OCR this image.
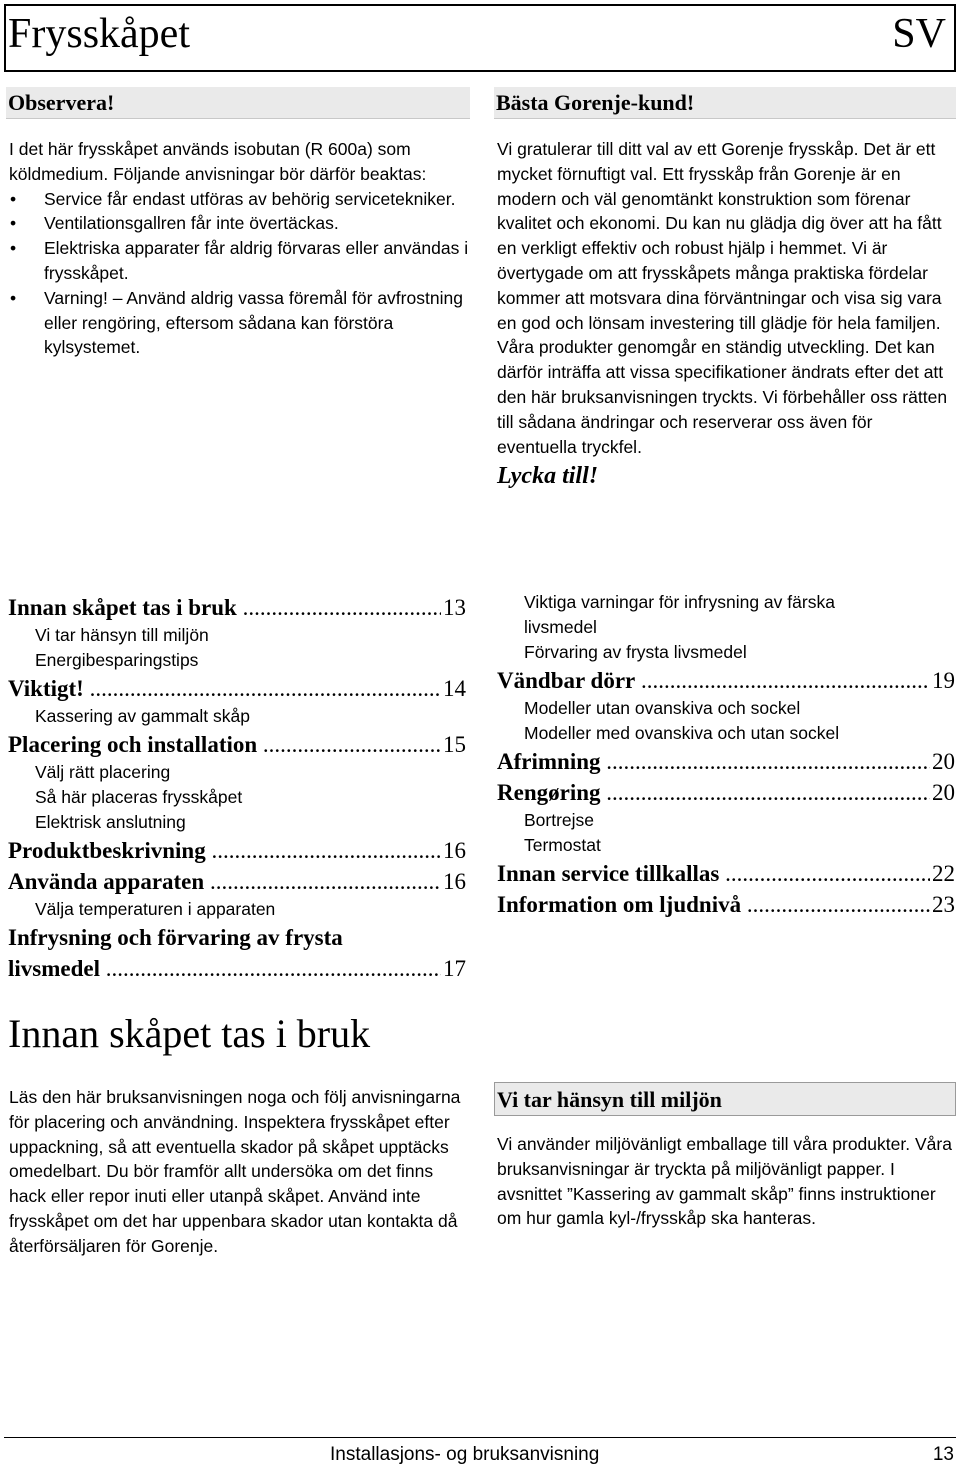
Frysskåpet	SV
Observera!
I det här frysskåpet används isobutan (R 600a) som köldmedium. Följande anvisningar bör därför beaktas:
• Service får endast utföras av behörig servicetekniker.
• Ventilationsgallren får inte övertäckas.
• Elektriska apparater får aldrig förvaras eller användas i frysskåpet.
• Varning! – Använd aldrig vassa föremål för avfrostning eller rengöring, eftersom sådana kan förstöra kylsystemet.
Bästa Gorenje-kund!
Vi gratulerar till ditt val av ett Gorenje frysskåp. Det är ett mycket förnuftigt val. Ett frysskåp från Gorenje är en modern och väl genomtänkt konstruktion som förenar kvalitet och ekonomi. Du kan nu glädja dig över att ha fått en verkligt effektiv och robust hjälp i hemmet. Vi är övertygade om att frysskåpets många praktiska fördelar kommer att motsvara dina förväntningar och visa sig vara en god och lönsam investering till glädje för hela familjen. Våra produkter genomgår en ständig utveckling. Det kan därför inträffa att vissa specifikationer ändrats efter det att den här bruksanvisningen tryckts. Vi förbehåller oss rätten till sådana ändringar och reserverar oss även för eventuella tryckfel.
Lycka till!
Innan skåpet tas i bruk .....	13
Vi tar hänsyn till miljön
Energibesparingstips
Viktigt! .....	14
Kassering av gammalt skåp
Placering och installation .....	15
Välj rätt placering
Så här placeras frysskåpet
Elektrisk anslutning
Produktbeskrivning .....	16
Använda apparaten .....	16
Välja temperaturen i apparaten
Infrysning och förvaring av frysta
livsmedel .....	17
Viktiga varningar för infrysning av färska livsmedel
Förvaring av frysta livsmedel
Vändbar dörr .....	19
Modeller utan ovanskiva och sockel
Modeller med ovanskiva och utan sockel
Afrimning .....	20
Rengøring .....	20
Bortrejse
Termostat
Innan service tillkallas .....	22
Information om ljudnivå .....	23
Innan skåpet tas i bruk
Läs den här bruksanvisningen noga och följ anvisningarna för placering och användning. Inspektera frysskåpet efter uppackning, så att eventuella skador på skåpet upptäcks omedelbart. Du bör framför allt undersöka om det finns hack eller repor inuti eller utanpå skåpet. Använd inte frysskåpet om det har uppenbara skador utan kontakta då återförsäljaren för Gorenje.
Vi tar hänsyn till miljön
Vi använder miljövänligt emballage till våra produkter. Våra bruksanvisningar är tryckta på miljövänligt papper. I avsnittet ”Kassering av gammalt skåp” finns instruktioner om hur gamla kyl-/frysskåp ska hanteras.
Installasjons- og bruksanvisning	13
